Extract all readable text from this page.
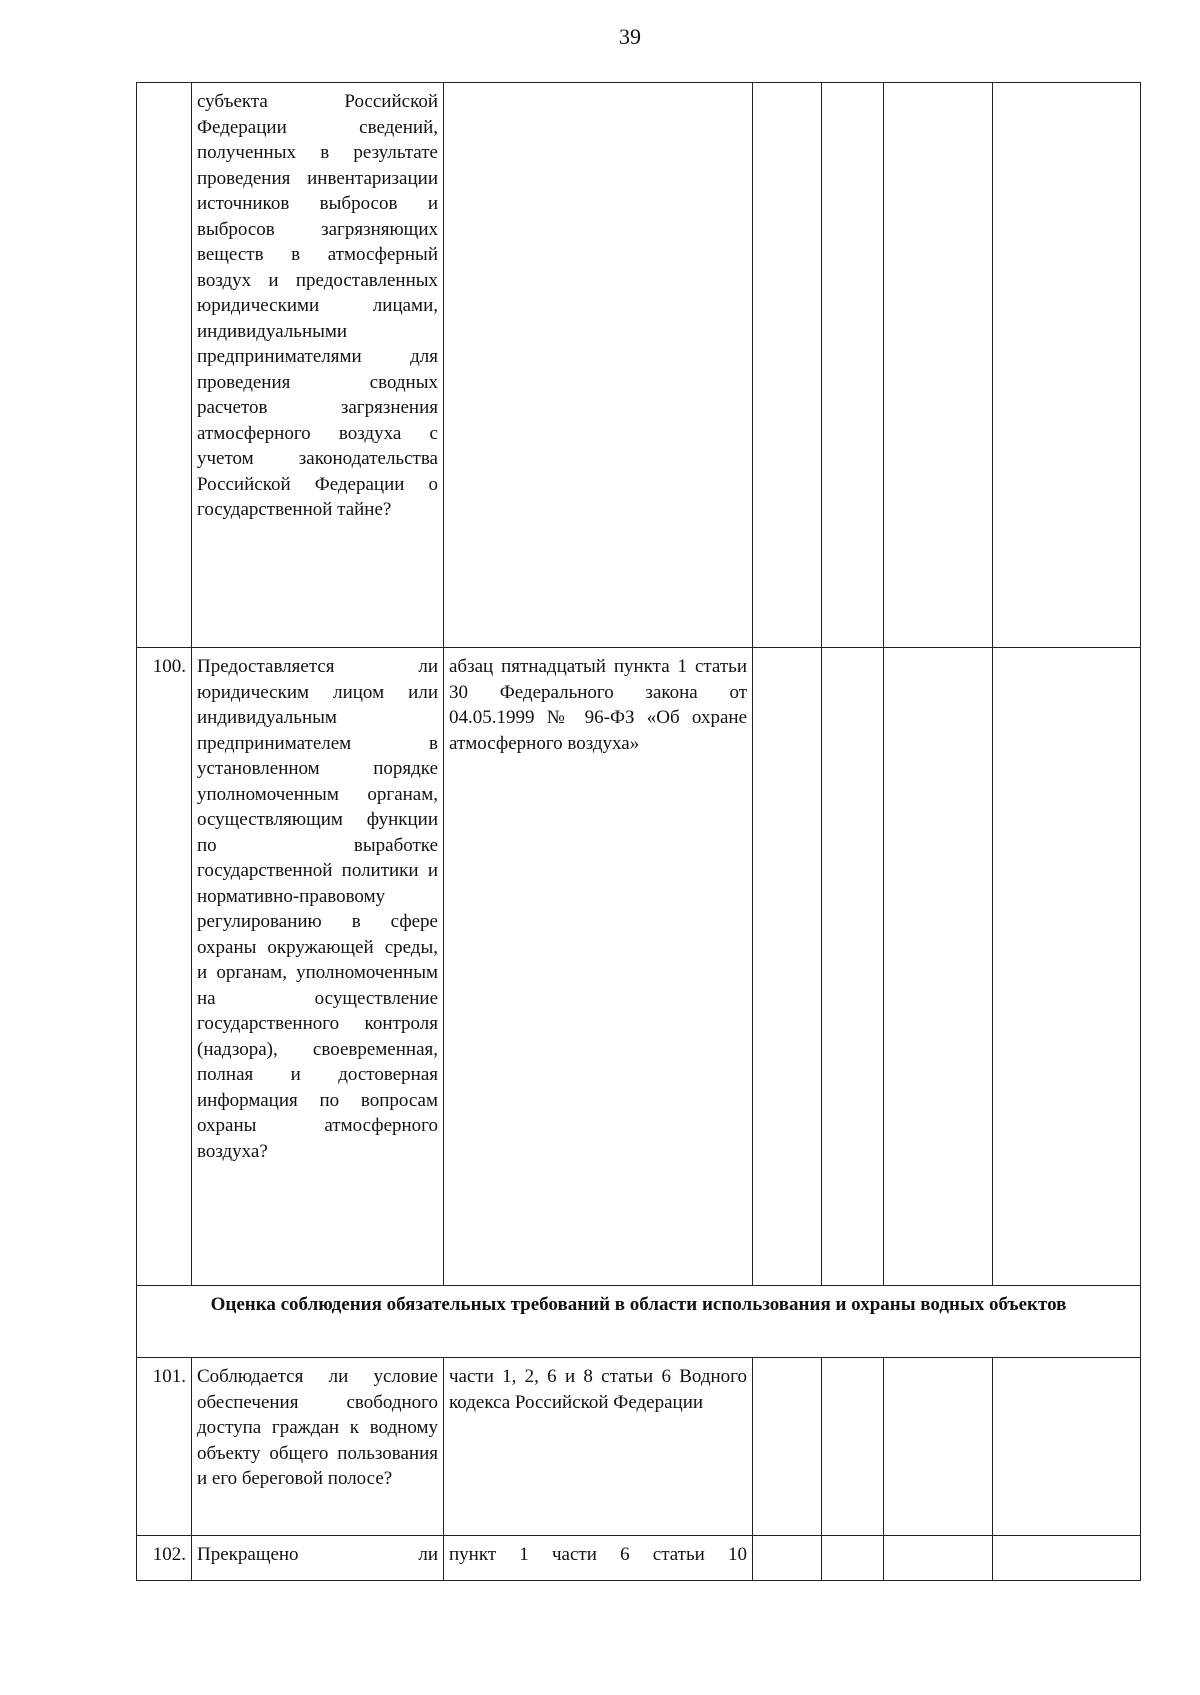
39
	субъекта Российской Федерации сведений, полученных в результате проведения инвентаризации источников выбросов и выбросов загрязняющих веществ в атмосферный воздух и предоставленных юридическими лицами, индивидуальными предпринимателями для проведения сводных расчетов загрязнения атмосферного воздуха с учетом законодательства Российской Федерации о государственной тайне?					
100.	Предоставляется ли юридическим лицом или индивидуальным предпринимателем в установленном порядке уполномоченным органам, осуществляющим функции по выработке государственной политики и нормативно-правовому регулированию в сфере охраны окружающей среды, и органам, уполномоченным на осуществление государственного контроля (надзора), своевременная, полная и достоверная информация по вопросам охраны атмосферного воздуха?	абзац пятнадцатый пункта 1 статьи 30 Федерального закона от 04.05.1999 № 96-ФЗ «Об охране атмосферного воздуха»				
Оценка соблюдения обязательных требований в области использования и охраны водных объектов						
101.	Соблюдается ли условие обеспечения свободного доступа граждан к водному объекту общего пользования и его береговой полосе?	части 1, 2, 6 и 8 статьи 6 Водного кодекса Российской Федерации				
102.	Прекращено ли	пункт 1 части 6 статьи 10				
